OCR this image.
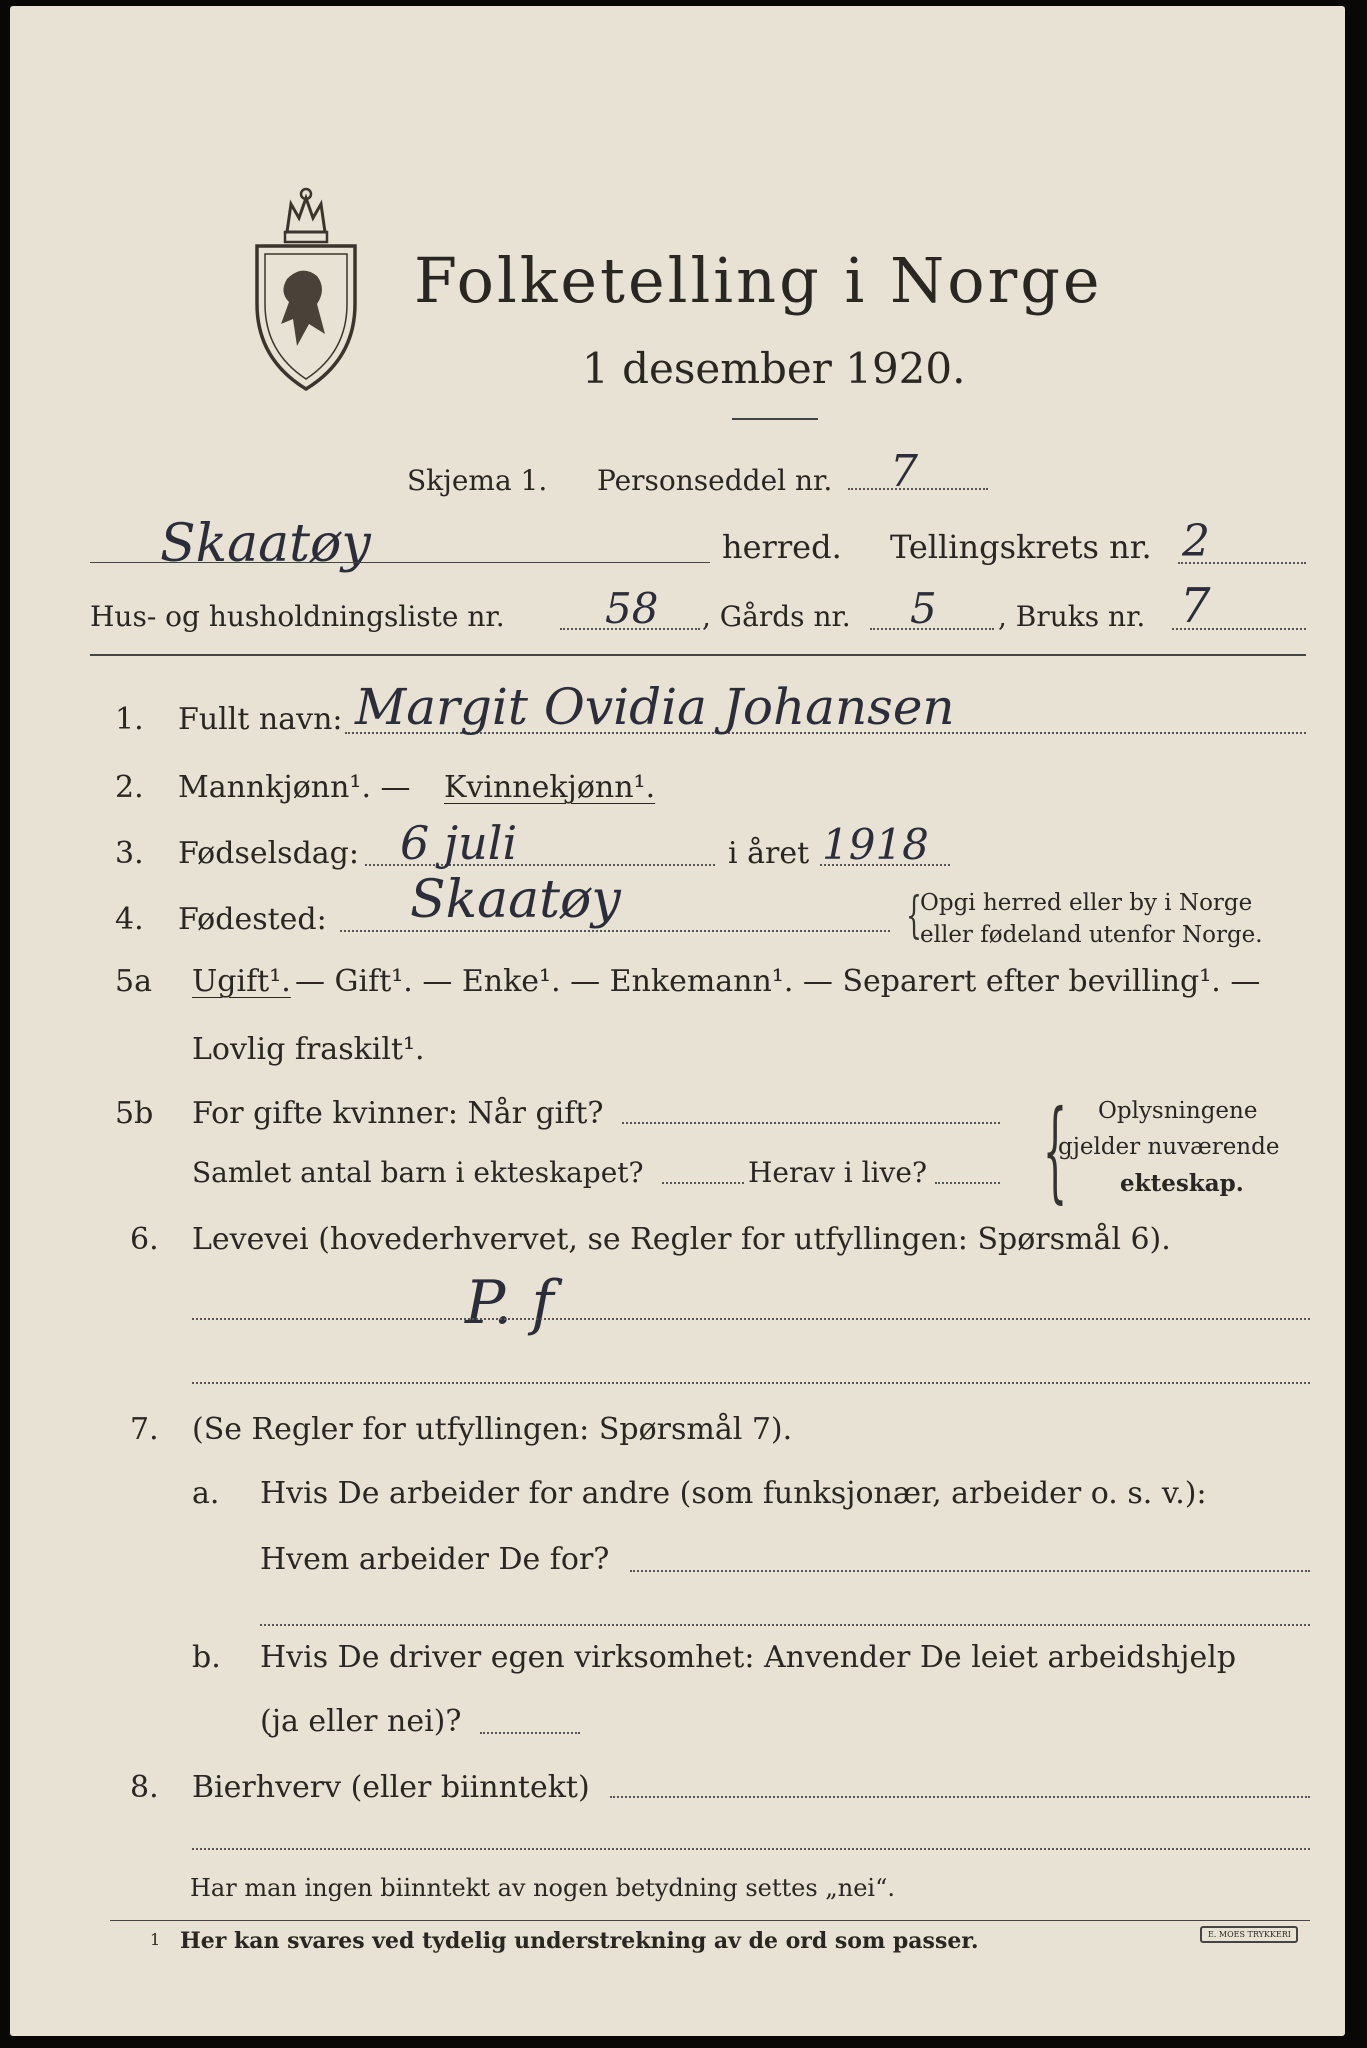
Folketelling i Norge
1 desember 1920.
Skjema 1. Personseddel nr. 7
Skaatøy	herred. Tellingskrets nr. 2
Hus- og husholdningsliste nr. 58 , Gårds nr. 5 , Bruks nr. 7
1. Fullt navn: Margit Ovidia Johansen
2. Mannkjønn¹. — Kvinnekjønn¹.
3. Fødselsdag: 6 juli	i året 1918
4. Fødested: Skaatøy	{
Opgi herred eller by i Norge
eller fødeland utenfor Norge.
5a Ugift¹. — Gift¹. — Enke¹. — Enkemann¹. — Separert efter bevilling¹. —
Lovlig fraskilt¹.
5b For gifte kvinner: Når gift?
Samlet antal barn i ekteskapet?	Herav i live? { Oplysningene
gjelder nuværende
ekteskap.
6. Levevei (hovederhvervet, se Regler for utfyllingen: Spørsmål 6).
P. f
7. (Se Regler for utfyllingen: Spørsmål 7).
a. Hvis De arbeider for andre (som funksjonær, arbeider o. s. v.):
Hvem arbeider De for?
b. Hvis De driver egen virksomhet: Anvender De leiet arbeidshjelp
(ja eller nei)?
8. Bierhverv (eller biinntekt)
Har man ingen biinntekt av nogen betydning settes „nei“.
1 Her kan svares ved tydelig understrekning av de ord som passer.	E. MOES TRYKKERI
